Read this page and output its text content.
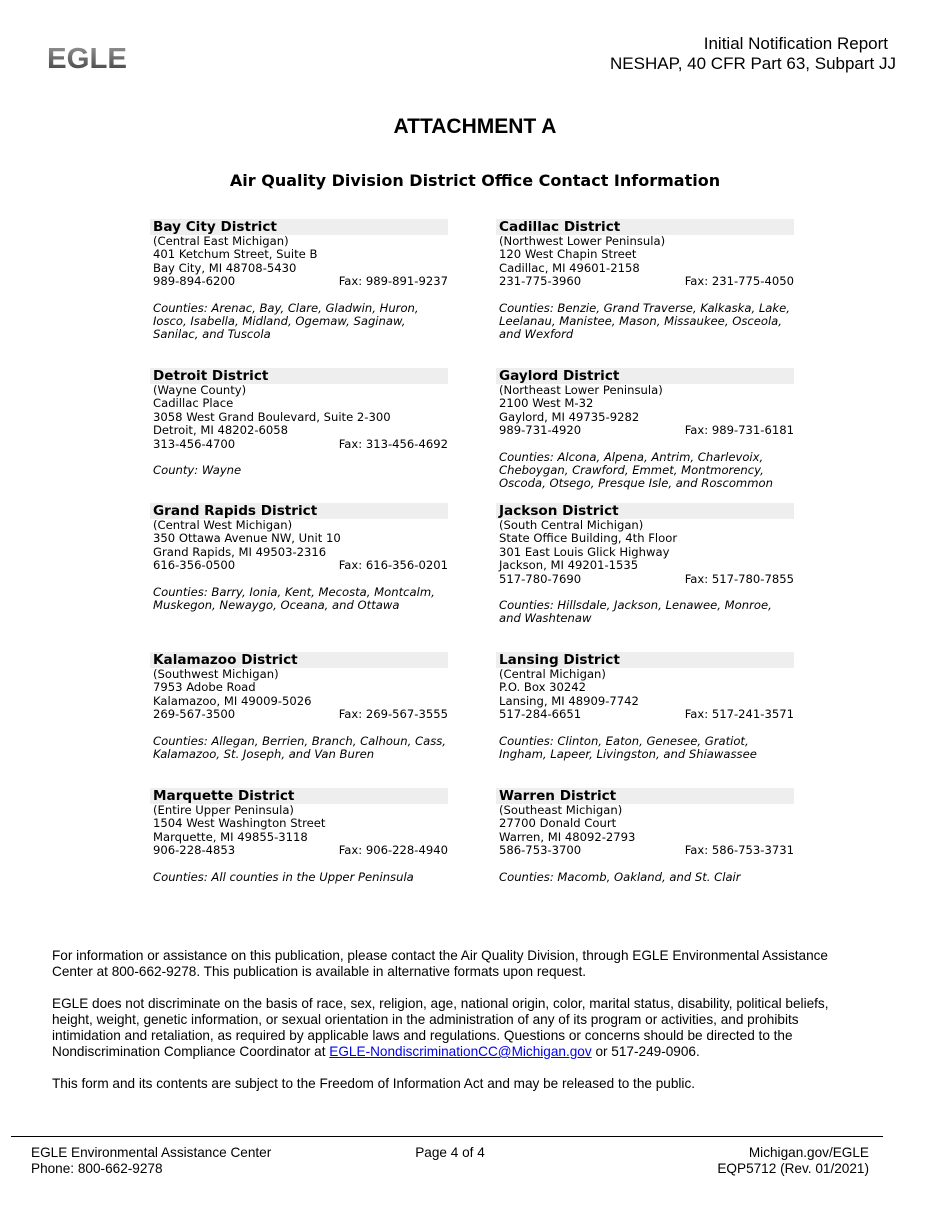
EGLE	Initial Notification Report
NESHAP, 40 CFR Part 63, Subpart JJ
ATTACHMENT A
Air Quality Division District Office Contact Information
Bay City District
(Central East Michigan)
401 Ketchum Street, Suite B
Bay City, MI 48708-5430
989-894-6200	Fax: 989-891-9237
Counties: Arenac, Bay, Clare, Gladwin, Huron, Iosco, Isabella, Midland, Ogemaw, Saginaw, Sanilac, and Tuscola
Cadillac District
(Northwest Lower Peninsula)
120 West Chapin Street
Cadillac, MI 49601-2158
231-775-3960	Fax: 231-775-4050
Counties: Benzie, Grand Traverse, Kalkaska, Lake, Leelanau, Manistee, Mason, Missaukee, Osceola, and Wexford
Detroit District
(Wayne County)
Cadillac Place
3058 West Grand Boulevard, Suite 2-300
Detroit, MI 48202-6058
313-456-4700	Fax: 313-456-4692
County: Wayne
Gaylord District
(Northeast Lower Peninsula)
2100 West M-32
Gaylord, MI 49735-9282
989-731-4920	Fax: 989-731-6181
Counties: Alcona, Alpena, Antrim, Charlevoix, Cheboygan, Crawford, Emmet, Montmorency, Oscoda, Otsego, Presque Isle, and Roscommon
Grand Rapids District
(Central West Michigan)
350 Ottawa Avenue NW, Unit 10
Grand Rapids, MI 49503-2316
616-356-0500	Fax: 616-356-0201
Counties: Barry, Ionia, Kent, Mecosta, Montcalm, Muskegon, Newaygo, Oceana, and Ottawa
Jackson District
(South Central Michigan)
State Office Building, 4th Floor
301 East Louis Glick Highway
Jackson, MI 49201-1535
517-780-7690	Fax: 517-780-7855
Counties: Hillsdale, Jackson, Lenawee, Monroe, and Washtenaw
Kalamazoo District
(Southwest Michigan)
7953 Adobe Road
Kalamazoo, MI 49009-5026
269-567-3500	Fax: 269-567-3555
Counties: Allegan, Berrien, Branch, Calhoun, Cass, Kalamazoo, St. Joseph, and Van Buren
Lansing District
(Central Michigan)
P.O. Box 30242
Lansing, MI 48909-7742
517-284-6651	Fax: 517-241-3571
Counties: Clinton, Eaton, Genesee, Gratiot, Ingham, Lapeer, Livingston, and Shiawassee
Marquette District
(Entire Upper Peninsula)
1504 West Washington Street
Marquette, MI 49855-3118
906-228-4853	Fax: 906-228-4940
Counties: All counties in the Upper Peninsula
Warren District
(Southeast Michigan)
27700 Donald Court
Warren, MI 48092-2793
586-753-3700	Fax: 586-753-3731
Counties: Macomb, Oakland, and St. Clair
For information or assistance on this publication, please contact the Air Quality Division, through EGLE Environmental Assistance Center at 800-662-9278. This publication is available in alternative formats upon request.
EGLE does not discriminate on the basis of race, sex, religion, age, national origin, color, marital status, disability, political beliefs, height, weight, genetic information, or sexual orientation in the administration of any of its program or activities, and prohibits intimidation and retaliation, as required by applicable laws and regulations. Questions or concerns should be directed to the Nondiscrimination Compliance Coordinator at EGLE-NondiscriminationCC@Michigan.gov or 517-249-0906.
This form and its contents are subject to the Freedom of Information Act and may be released to the public.
EGLE Environmental Assistance Center
Phone: 800-662-9278
Page 4 of 4	Michigan.gov/EGLE
EQP5712 (Rev. 01/2021)
